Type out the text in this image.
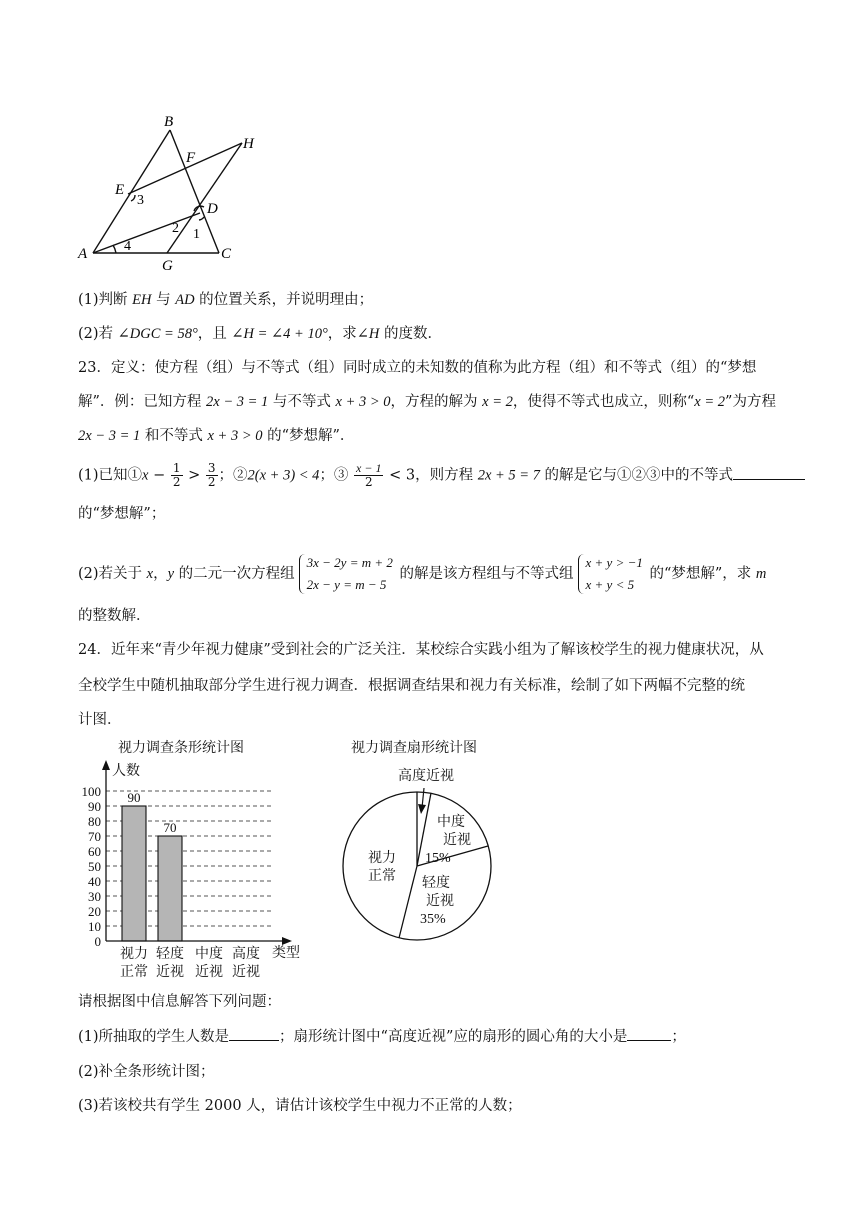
B
H
F
E
3
D
2 1
4
A
G
C
(1)判断 EH 与 AD 的位置关系，并说明理由；
(2)若 ∠DGC = 58°，且 ∠H = ∠4 + 10°，求∠H 的度数．
23．定义：使方程（组）与不等式（组）同时成立的未知数的值称为此方程（组）和不等式（组）的“梦想
解”．例：已知方程 2x − 3 = 1 与不等式 x + 3 > 0，方程的解为 x = 2，使得不等式也成立，则称“x = 2”为方程
2x − 3 = 1 和不等式 x + 3 > 0 的“梦想解”．
(1)已知①x − $\frac{1}{2} > \frac{3}{2}$ ；②2(x + 3) < 4；③ $\frac{x - 1}{2} < 3$，则方程 2x + 5 = 7 的解是它与①②③中的不等式
的“梦想解”；
(2)若关于 x，y 的二元一次方程组
3x − 2y = m + 2
2x − y = m − 5
的解是该方程组与不等式组
x + y > −1
x + y < 5
的“梦想解”，求 m
的整数解．
24．近年来“青少年视力健康”受到社会的广泛关注．某校综合实践小组为了解该校学生的视力健康状况，从
全校学生中随机抽取部分学生进行视力调查．根据调查结果和视力有关标准，绘制了如下两幅不完整的统
计图．
视力调查条形统计图
人数
类型
90
70
0
10
20
30
40
50
60
70
80
90
100
视力
正常
轻度
近视
中度
近视
高度
近视
视力调查扇形统计图
高度近视
中度
近视
15%
轻度
近视
35%
视力
正常
请根据图中信息解答下列问题：
(1)所抽取的学生人数是	；扇形统计图中“高度近视”应的扇形的圆心角的大小是	；
(2)补全条形统计图；
(3)若该校共有学生 2000 人，请估计该校学生中视力不正常的人数；
